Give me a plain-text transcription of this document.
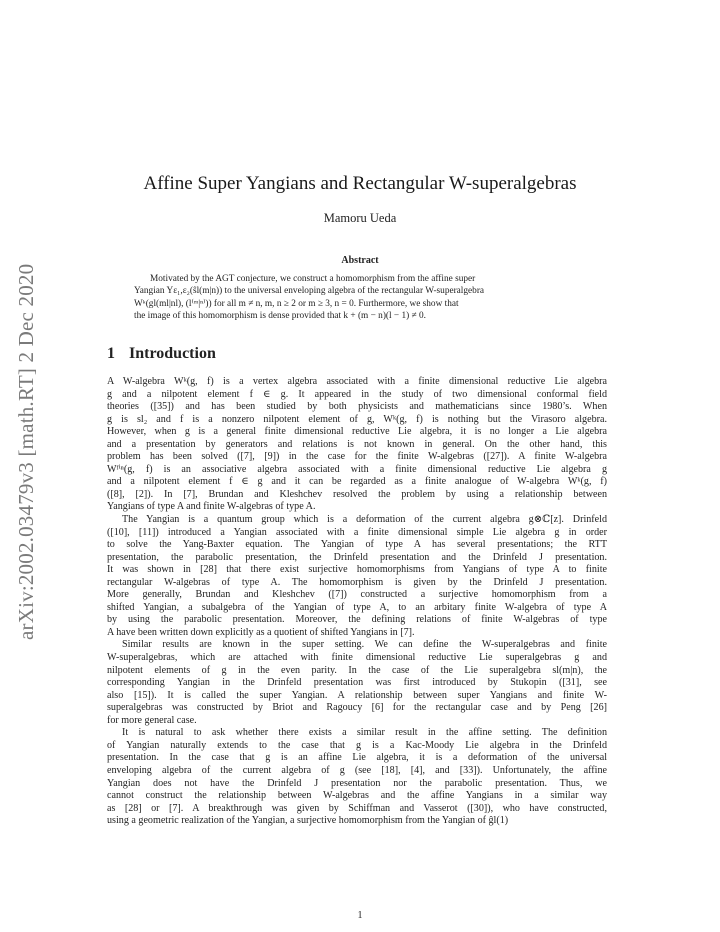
arXiv:2002.03479v3 [math.RT] 2 Dec 2020
Affine Super Yangians and Rectangular W-superalgebras
Mamoru Ueda
Abstract
Motivated by the AGT conjecture, we construct a homomorphism from the affine super
Yangian Yε₁,ε₂(ŝl(m|n)) to the universal enveloping algebra of the rectangular W-superalgebra
Wᵏ(gl(ml|nl), (l⁽ᵐ|ⁿ⁾)) for all m ≠ n, m, n ≥ 2 or m ≥ 3, n = 0. Furthermore, we show that
the image of this homomorphism is dense provided that k + (m − n)(l − 1) ≠ 0.
1 Introduction
A W-algebra Wᵏ(g, f) is a vertex algebra associated with a finite dimensional reductive Lie algebra
g and a nilpotent element f ∈ g. It appeared in the study of two dimensional conformal field
theories ([35]) and has been studied by both physicists and mathematicians since 1980’s. When
g is sl₂ and f is a nonzero nilpotent element of g, Wᵏ(g, f) is nothing but the Virasoro algebra.
However, when g is a general finite dimensional reductive Lie algebra, it is no longer a Lie algebra
and a presentation by generators and relations is not known in general. On the other hand, this
problem has been solved ([7], [9]) in the case for the finite W-algebras ([27]). A finite W-algebra
Wᶠⁱⁿ(g, f) is an associative algebra associated with a finite dimensional reductive Lie algebra g
and a nilpotent element f ∈ g and it can be regarded as a finite analogue of W-algebra Wᵏ(g, f)
([8], [2]). In [7], Brundan and Kleshchev resolved the problem by using a relationship between
Yangians of type A and finite W-algebras of type A.
The Yangian is a quantum group which is a deformation of the current algebra g⊗ℂ[z]. Drinfeld
([10], [11]) introduced a Yangian associated with a finite dimensional simple Lie algebra g in order
to solve the Yang-Baxter equation. The Yangian of type A has several presentations; the RTT
presentation, the parabolic presentation, the Drinfeld presentation and the Drinfeld J presentation.
It was shown in [28] that there exist surjective homomorphisms from Yangians of type A to finite
rectangular W-algebras of type A. The homomorphism is given by the Drinfeld J presentation.
More generally, Brundan and Kleshchev ([7]) constructed a surjective homomorphism from a
shifted Yangian, a subalgebra of the Yangian of type A, to an arbitary finite W-algebra of type A
by using the parabolic presentation. Moreover, the defining relations of finite W-algebras of type
A have been written down explicitly as a quotient of shifted Yangians in [7].
Similar results are known in the super setting. We can define the W-superalgebras and finite
W-superalgebras, which are attached with finite dimensional reductive Lie superalgebras g and
nilpotent elements of g in the even parity. In the case of the Lie superalgebra sl(m|n), the
corresponding Yangian in the Drinfeld presentation was first introduced by Stukopin ([31], see
also [15]). It is called the super Yangian. A relationship between super Yangians and finite W-
superalgebras was constructed by Briot and Ragoucy [6] for the rectangular case and by Peng [26]
for more general case.
It is natural to ask whether there exists a similar result in the affine setting. The definition
of Yangian naturally extends to the case that g is a Kac-Moody Lie algebra in the Drinfeld
presentation. In the case that g is an affine Lie algebra, it is a deformation of the universal
enveloping algebra of the current algebra of g (see [18], [4], and [33]). Unfortunately, the affine
Yangian does not have the Drinfeld J presentation nor the parabolic presentation. Thus, we
cannot construct the relationship between W-algebras and the affine Yangians in a similar way
as [28] or [7]. A breakthrough was given by Schiffman and Vasserot ([30]), who have constructed,
using a geometric realization of the Yangian, a surjective homomorphism from the Yangian of ĝl(1)
1
